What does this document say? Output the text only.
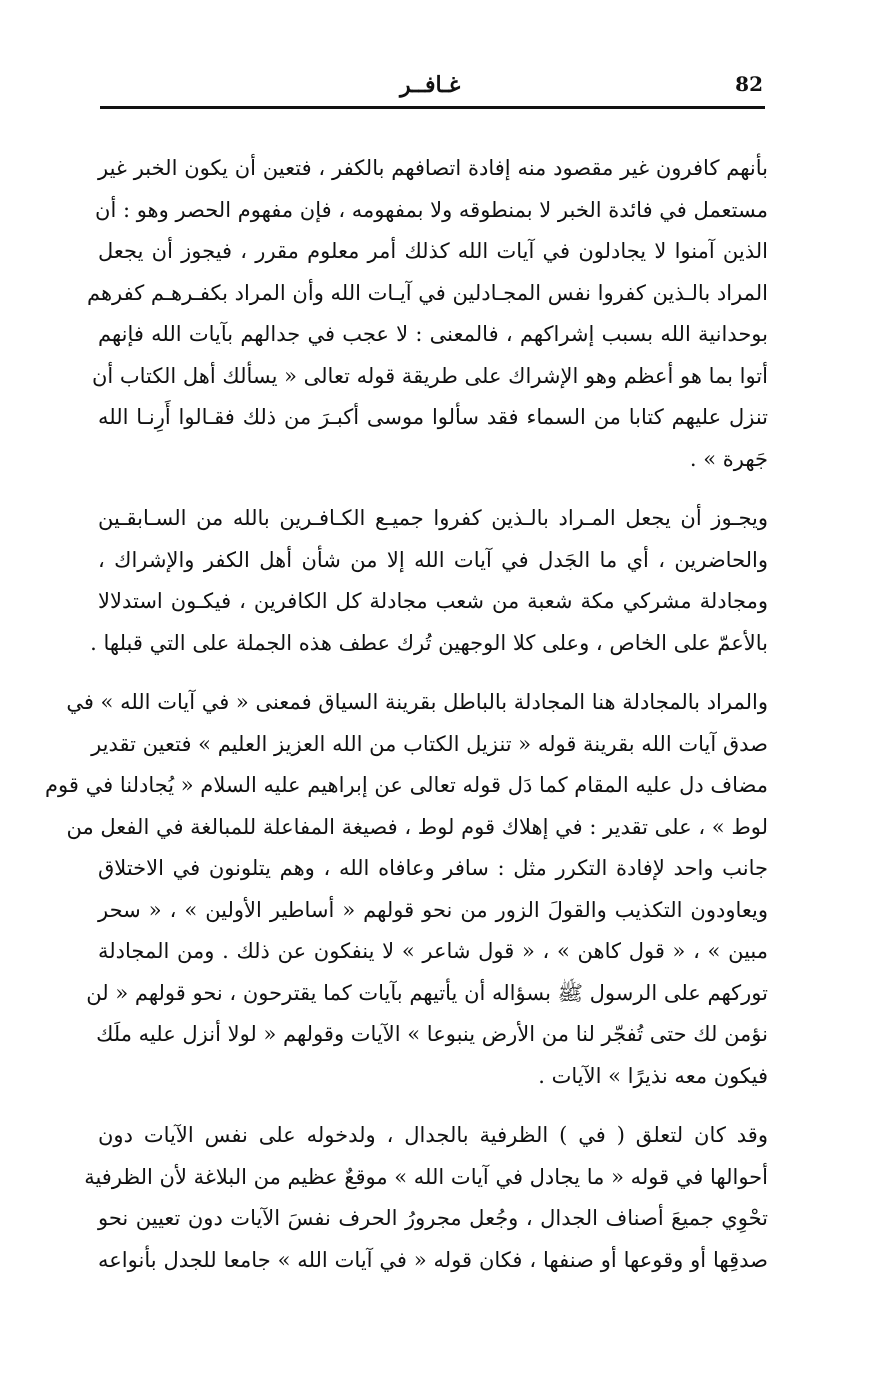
82
غـافــر

بأنهم كافرون غير مقصود منه إفادة اتصافهم بالكفر ، فتعين أن يكون الخبر غير
مستعمل في فائدة الخبر لا بمنطوقه ولا بمفهومه ، فإن مفهوم الحصر وهو : أن
الذين آمنوا لا يجادلون في آيات الله كذلك أمر معلوم مقرر ، فيجوز أن يجعل
المراد بالـذين كفروا نفس المجـادلين في آيـات الله وأن المراد بكفـرهـم كفرهم
بوحدانية الله بسبب إشراكهم ، فالمعنى : لا عجب في جدالهم بآيات الله فإنهم
أتوا بما هو أعظم وهو الإشراك على طريقة قوله تعالى « يسألك أهل الكتاب أن
تنزل عليهم كتابا من السماء فقد سألوا موسى أكبـرَ من ذلك فقـالوا أَرِنـا الله
جَهرة » .

ويجـوز أن يجعل المـراد بالـذين كفروا جميـع الكـافـرين بالله من السـابقـين
والحاضرين ، أي ما الجَدل في آيات الله إلا من شأن أهل الكفر والإشراك ،
ومجادلة مشركي مكة شعبة من شعب مجادلة كل الكافرين ، فيكـون استدلالا
بالأعمّ على الخاص ، وعلى كلا الوجهين تُرك عطف هذه الجملة على التي قبلها .

والمراد بالمجادلة هنا المجادلة بالباطل بقرينة السياق فمعنى « في آيات الله » في
صدق آيات الله بقرينة قوله « تنزيل الكتاب من الله العزيز العليم » فتعين تقدير
مضاف دل عليه المقام كما دَل قوله تعالى عن إبراهيم عليه السلام « يُجادلنا في قوم
لوط » ، على تقدير : في إهلاك قوم لوط ، فصيغة المفاعلة للمبالغة في الفعل من
جانب واحد لإفادة التكرر مثل : سافر وعافاه الله ، وهم يتلونون في الاختلاق
ويعاودون التكذيب والقولَ الزور من نحو قولهم « أساطير الأولين » ، « سحر
مبين » ، « قول كاهن » ، « قول شاعر » لا ينفكون عن ذلك . ومن المجادلة
توركهم على الرسول ﷺ بسؤاله أن يأتيهم بآيات كما يقترحون ، نحو قولهم « لن
نؤمن لك حتى تُفجّر لنا من الأرض ينبوعا » الآيات وقولهم « لولا أنزل عليه ملَك
فيكون معه نذيرًا » الآيات .

وقد كان لتعلق ( في ) الظرفية بالجدال ، ولدخوله على نفس الآيات دون
أحوالها في قوله « ما يجادل في آيات الله » موقعٌ عظيم من البلاغة لأن الظرفية
تحْوِي جميعَ أصناف الجدال ، وجُعل مجرورُ الحرف نفسَ الآيات دون تعيين نحو
صدقِها أو وقوعها أو صنفها ، فكان قوله « في آيات الله » جامعا للجدل بأنواعه
